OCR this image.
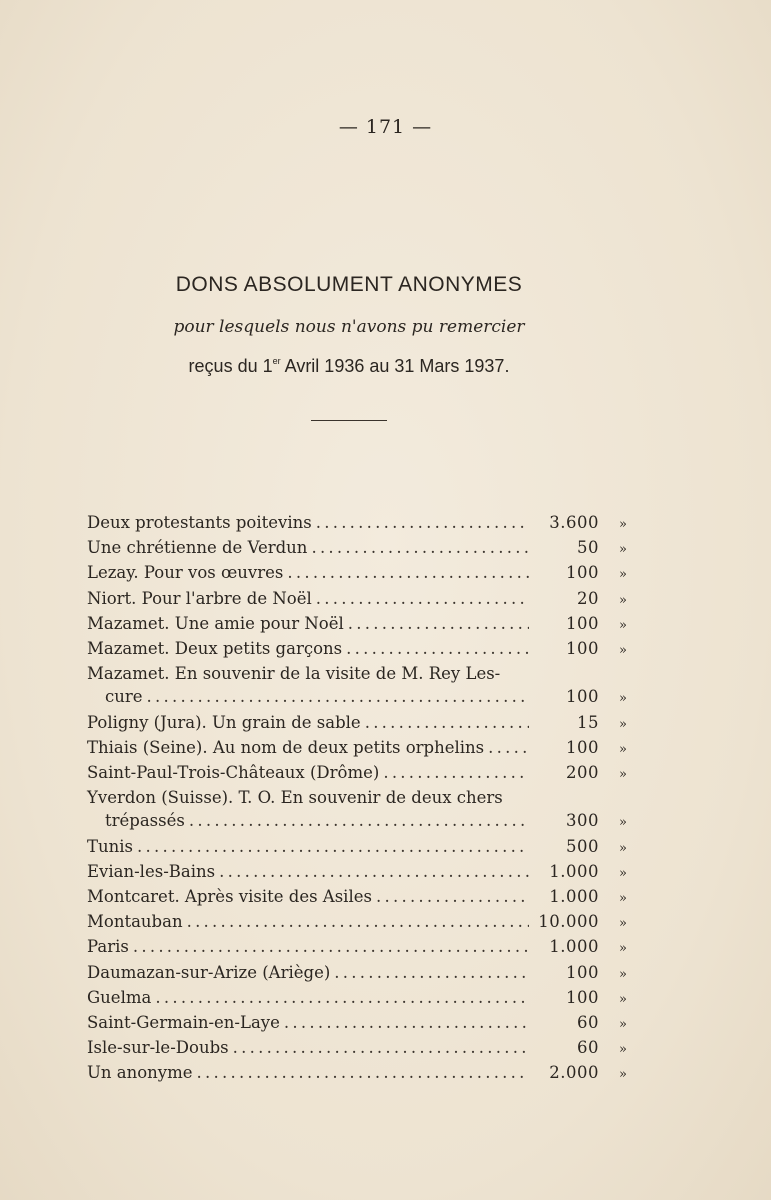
— 171 —
DONS ABSOLUMENT ANONYMES
pour lesquels nous n'avons pu remercier
reçus du 1er Avril 1936 au 31 Mars 1937.
Deux protestants poitevins . . .	3.600	»
Une chrétienne de Verdun . . .	50	»
Lezay. Pour vos œuvres . . .	100	»
Niort. Pour l'arbre de Noël . . .	20	»
Mazamet. Une amie pour Noël . . .	100	»
Mazamet. Deux petits garçons . . .	100	»
Mazamet. En souvenir de la visite de M. Rey Les-
cure . . .	100	»
Poligny (Jura). Un grain de sable . . .	15	»
Thiais (Seine). Au nom de deux petits orphelins . . .	100	»
Saint-Paul-Trois-Châteaux (Drôme) . . .	200	»
Yverdon (Suisse). T. O. En souvenir de deux chers
trépassés . . .	300	»
Tunis . . .	500	»
Evian-les-Bains . . .	1.000	»
Montcaret. Après visite des Asiles . . .	1.000	»
Montauban . . .	10.000	»
Paris . . .	1.000	»
Daumazan-sur-Arize (Ariège) . . .	100	»
Guelma . . .	100	»
Saint-Germain-en-Laye . . .	60	»
Isle-sur-le-Doubs . . .	60	»
Un anonyme . . .	2.000	»
